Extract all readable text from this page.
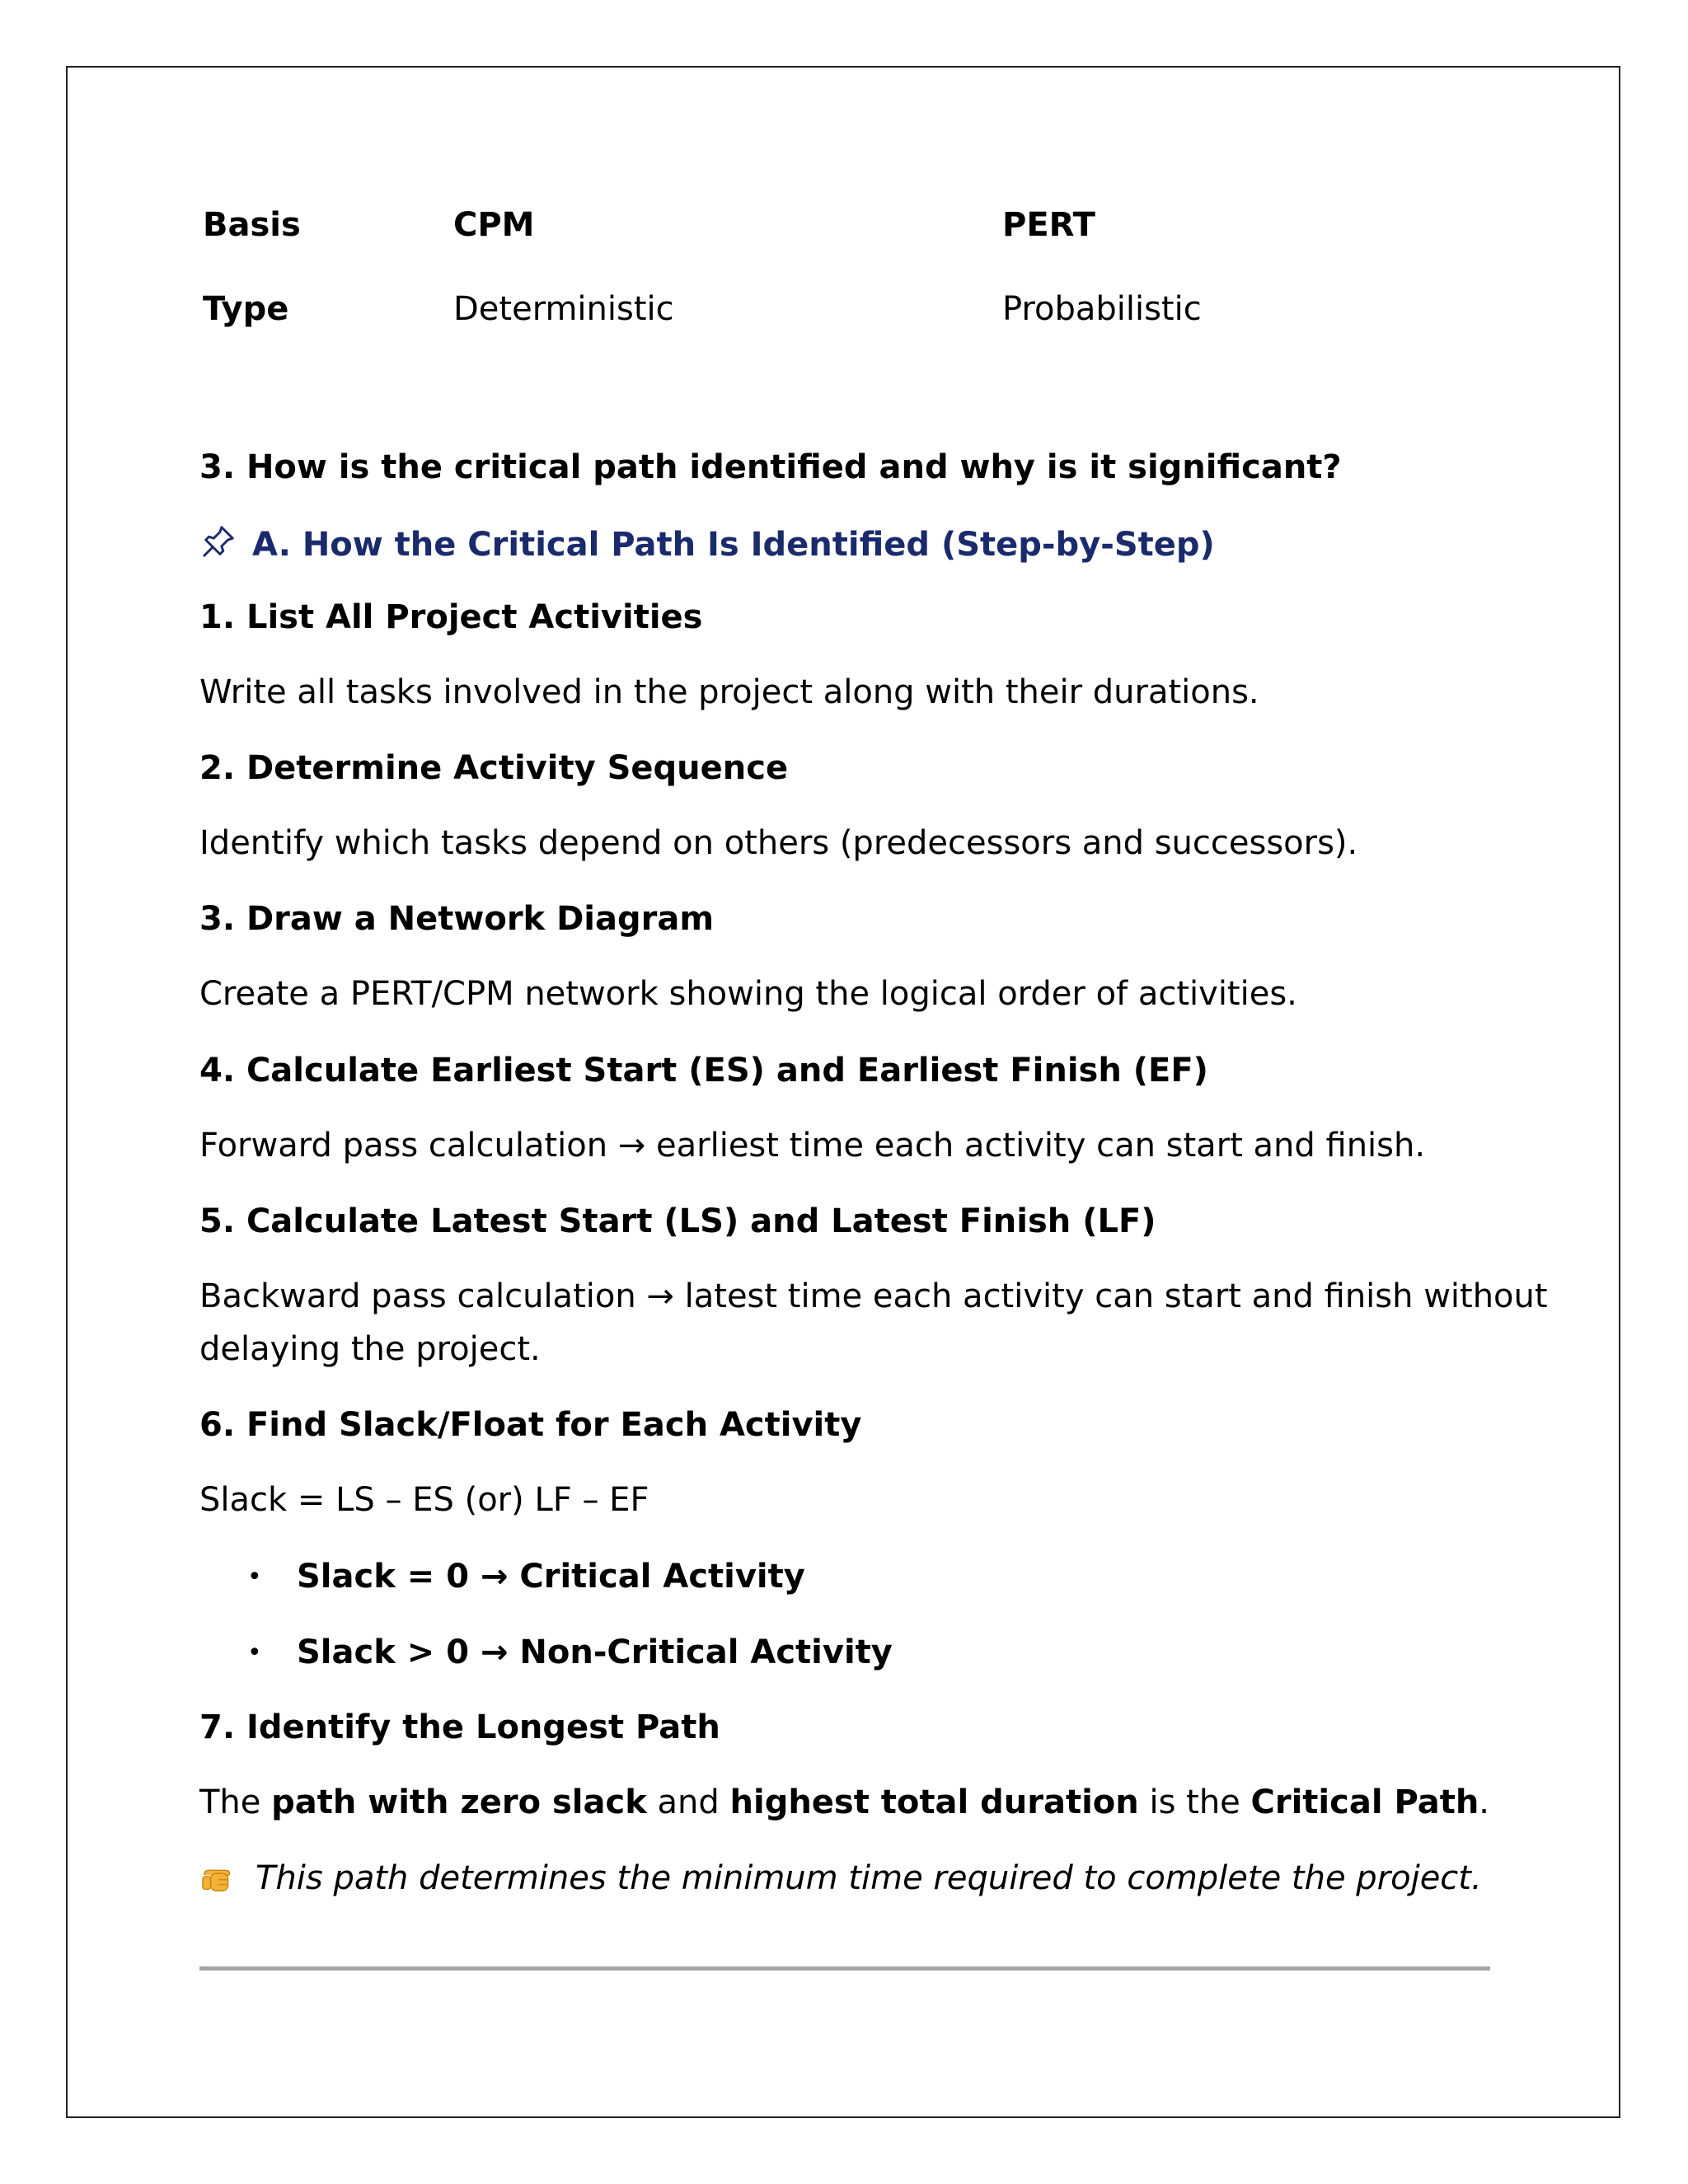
Basis	CPM	PERT
Type	Deterministic	Probabilistic
3. How is the critical path identified and why is it significant?
A. How the Critical Path Is Identified (Step-by-Step)
1. List All Project Activities
Write all tasks involved in the project along with their durations.
2. Determine Activity Sequence
Identify which tasks depend on others (predecessors and successors).
3. Draw a Network Diagram
Create a PERT/CPM network showing the logical order of activities.
4. Calculate Earliest Start (ES) and Earliest Finish (EF)
Forward pass calculation → earliest time each activity can start and finish.
5. Calculate Latest Start (LS) and Latest Finish (LF)
Backward pass calculation → latest time each activity can start and finish without
delaying the project.
6. Find Slack/Float for Each Activity
Slack = LS – ES (or) LF – EF
• Slack = 0 → Critical Activity
• Slack > 0 → Non-Critical Activity
7. Identify the Longest Path
The path with zero slack and highest total duration is the Critical Path.
This path determines the minimum time required to complete the project.
